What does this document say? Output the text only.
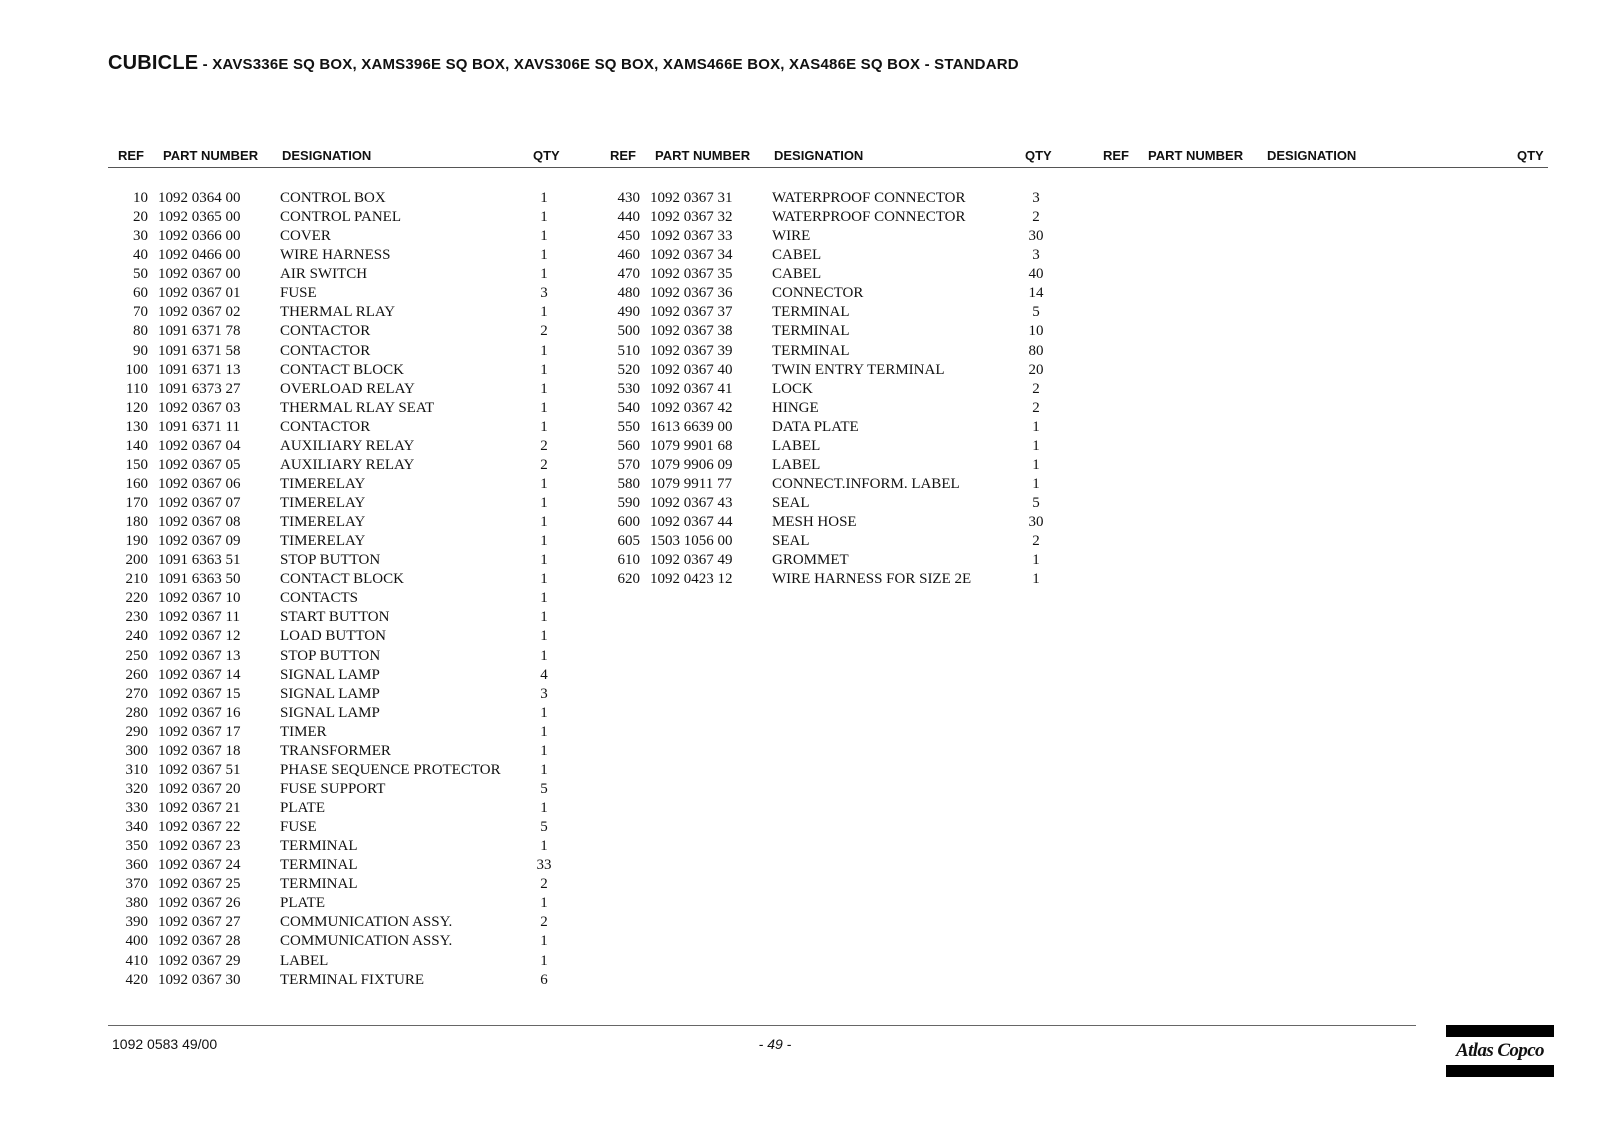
CUBICLE - XAVS336E SQ BOX, XAMS396E SQ BOX, XAVS306E SQ BOX, XAMS466E BOX, XAS486E SQ BOX - STANDARD
REF PART NUMBER DESIGNATION	QTY	REF PART NUMBER DESIGNATION	QTY	REF PART NUMBER DESIGNATION	QTY
10 1092 0364 00	CONTROL BOX	1
20 1092 0365 00	CONTROL PANEL	1
30 1092 0366 00	COVER	1
40 1092 0466 00	WIRE HARNESS	1
50 1092 0367 00	AIR SWITCH	1
60 1092 0367 01	FUSE	3
70 1092 0367 02	THERMAL RLAY	1
80 1091 6371 78	CONTACTOR	2
90 1091 6371 58	CONTACTOR	1
100 1091 6371 13	CONTACT BLOCK	1
110 1091 6373 27	OVERLOAD RELAY	1
120 1092 0367 03	THERMAL RLAY SEAT	1
130 1091 6371 11	CONTACTOR	1
140 1092 0367 04	AUXILIARY RELAY	2
150 1092 0367 05	AUXILIARY RELAY	2
160 1092 0367 06	TIMERELAY	1
170 1092 0367 07	TIMERELAY	1
180 1092 0367 08	TIMERELAY	1
190 1092 0367 09	TIMERELAY	1
200 1091 6363 51	STOP BUTTON	1
210 1091 6363 50	CONTACT BLOCK	1
220 1092 0367 10	CONTACTS	1
230 1092 0367 11	START BUTTON	1
240 1092 0367 12	LOAD BUTTON	1
250 1092 0367 13	STOP BUTTON	1
260 1092 0367 14	SIGNAL LAMP	4
270 1092 0367 15	SIGNAL LAMP	3
280 1092 0367 16	SIGNAL LAMP	1
290 1092 0367 17	TIMER	1
300 1092 0367 18	TRANSFORMER	1
310 1092 0367 51	PHASE SEQUENCE PROTECTOR	1
320 1092 0367 20	FUSE SUPPORT	5
330 1092 0367 21	PLATE	1
340 1092 0367 22	FUSE	5
350 1092 0367 23	TERMINAL	1
360 1092 0367 24	TERMINAL	33
370 1092 0367 25	TERMINAL	2
380 1092 0367 26	PLATE	1
390 1092 0367 27	COMMUNICATION ASSY.	2
400 1092 0367 28	COMMUNICATION ASSY.	1
410 1092 0367 29	LABEL	1
420 1092 0367 30	TERMINAL FIXTURE	6
430 1092 0367 31	WATERPROOF CONNECTOR	3
440 1092 0367 32	WATERPROOF CONNECTOR	2
450 1092 0367 33	WIRE	30
460 1092 0367 34	CABEL	3
470 1092 0367 35	CABEL	40
480 1092 0367 36	CONNECTOR	14
490 1092 0367 37	TERMINAL	5
500 1092 0367 38	TERMINAL	10
510 1092 0367 39	TERMINAL	80
520 1092 0367 40	TWIN ENTRY TERMINAL	20
530 1092 0367 41	LOCK	2
540 1092 0367 42	HINGE	2
550 1613 6639 00	DATA PLATE	1
560 1079 9901 68	LABEL	1
570 1079 9906 09	LABEL	1
580 1079 9911 77	CONNECT.INFORM. LABEL	1
590 1092 0367 43	SEAL	5
600 1092 0367 44	MESH HOSE	30
605 1503 1056 00	SEAL	2
610 1092 0367 49	GROMMET	1
620 1092 0423 12	WIRE HARNESS FOR SIZE 2E	1
1092 0583 49/00	- 49 -	Atlas Copco
